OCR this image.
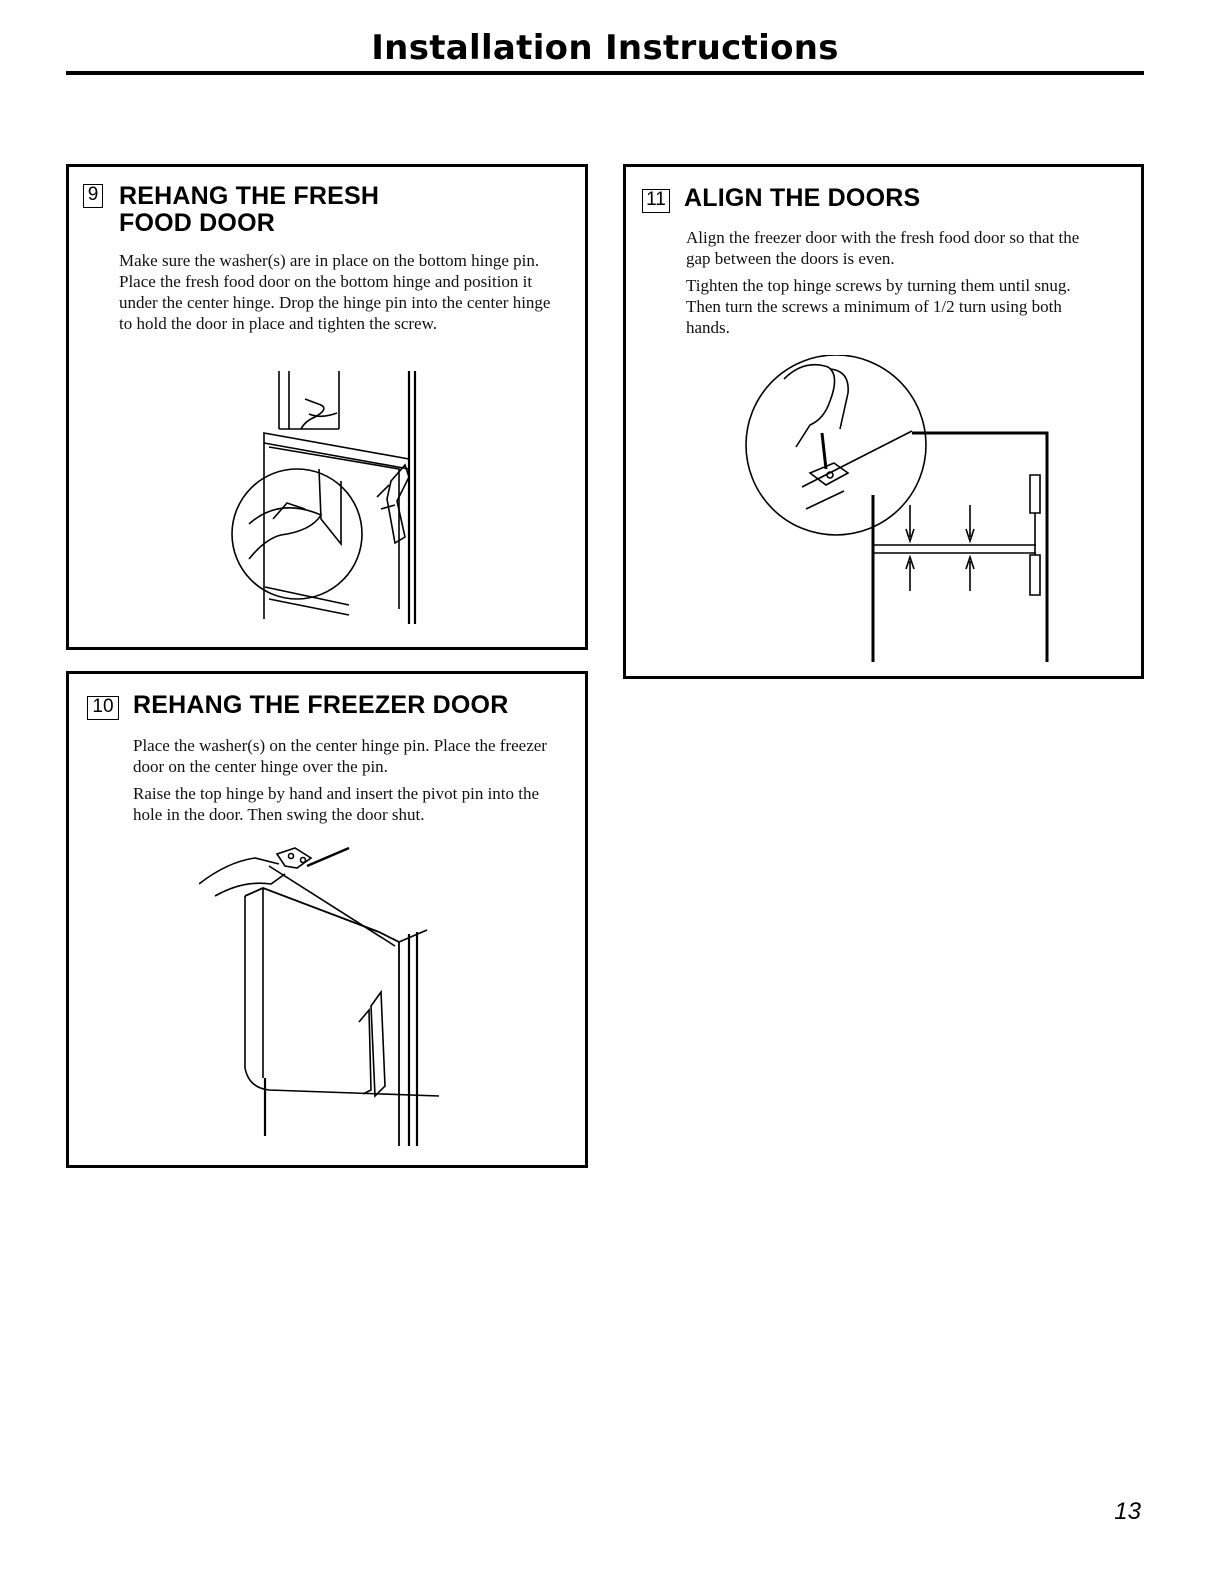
Installation Instructions
9 REHANG THE FRESH
FOOD DOOR

Make sure the washer(s) are in place on the bottom hinge pin. Place the fresh food door on the bottom hinge and position it under the center hinge. Drop the hinge pin into the center hinge to hold the door in place and tighten the screw.

10 REHANG THE FREEZER DOOR

Place the washer(s) on the center hinge pin. Place the freezer door on the center hinge over the pin.

Raise the top hinge by hand and insert the pivot pin into the hole in the door. Then swing the door shut.

11 ALIGN THE DOORS

Align the freezer door with the fresh food door so that the gap between the doors is even.

Tighten the top hinge screws by turning them until snug. Then turn the screws a minimum of 1/2 turn using both hands.

13
